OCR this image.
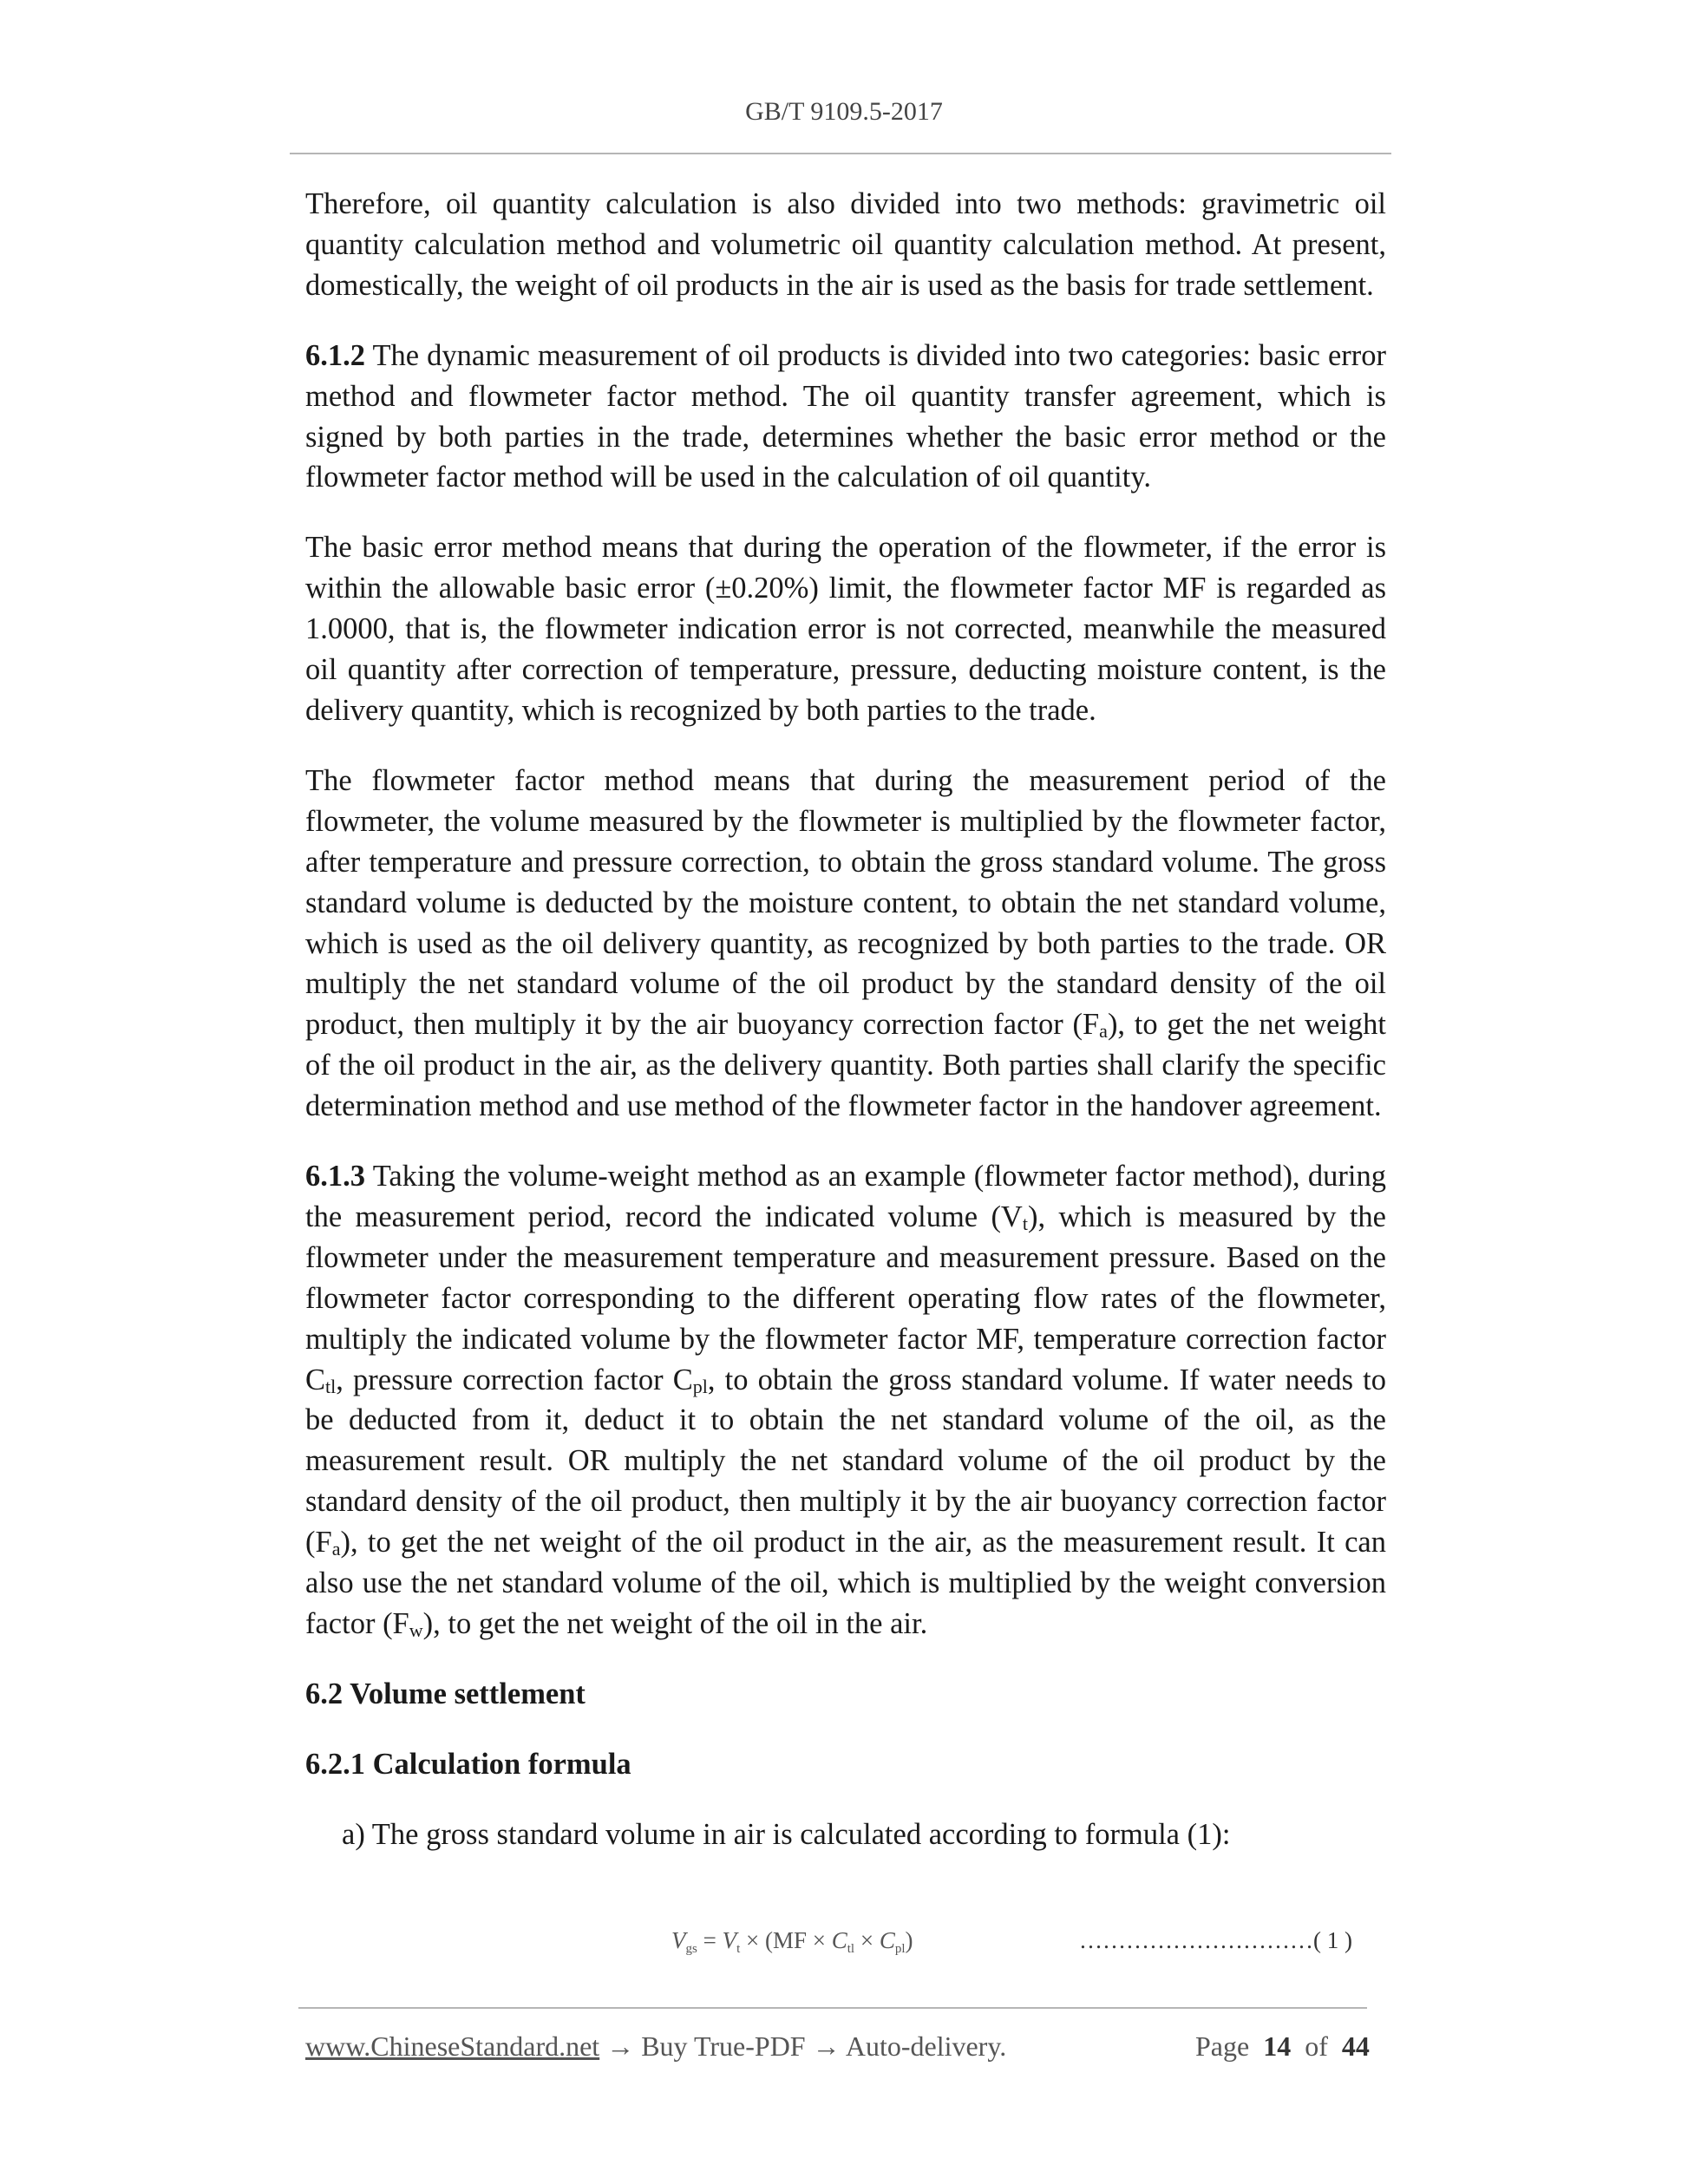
GB/T 9109.5-2017

Therefore, oil quantity calculation is also divided into two methods: gravimetric oil quantity calculation method and volumetric oil quantity calculation method. At present, domestically, the weight of oil products in the air is used as the basis for trade settlement.

6.1.2 The dynamic measurement of oil products is divided into two categories: basic error method and flowmeter factor method. The oil quantity transfer agreement, which is signed by both parties in the trade, determines whether the basic error method or the flowmeter factor method will be used in the calculation of oil quantity.

The basic error method means that during the operation of the flowmeter, if the error is within the allowable basic error (±0.20%) limit, the flowmeter factor MF is regarded as 1.0000, that is, the flowmeter indication error is not corrected, meanwhile the measured oil quantity after correction of temperature, pressure, deducting moisture content, is the delivery quantity, which is recognized by both parties to the trade.

The flowmeter factor method means that during the measurement period of the flowmeter, the volume measured by the flowmeter is multiplied by the flowmeter factor, after temperature and pressure correction, to obtain the gross standard volume. The gross standard volume is deducted by the moisture content, to obtain the net standard volume, which is used as the oil delivery quantity, as recognized by both parties to the trade. OR multiply the net standard volume of the oil product by the standard density of the oil product, then multiply it by the air buoyancy correction factor $(F_a)$, to get the net weight of the oil product in the air, as the delivery quantity. Both parties shall clarify the specific determination method and use method of the flowmeter factor in the handover agreement.

6.1.3 Taking the volume-weight method as an example (flowmeter factor method), during the measurement period, record the indicated volume $(V_t)$, which is measured by the flowmeter under the measurement temperature and measurement pressure. Based on the flowmeter factor corresponding to the different operating flow rates of the flowmeter, multiply the indicated volume by the flowmeter factor MF, temperature correction factor $C_{tl}$, pressure correction factor $C_{pl}$, to obtain the gross standard volume. If water needs to be deducted from it, deduct it to obtain the net standard volume of the oil, as the measurement result. OR multiply the net standard volume of the oil product by the standard density of the oil product, then multiply it by the air buoyancy correction factor $(F_a)$, to get the net weight of the oil product in the air, as the measurement result. It can also use the net standard volume of the oil, which is multiplied by the weight conversion factor $(F_w)$, to get the net weight of the oil in the air.

6.2 Volume settlement
6.2.1 Calculation formula

a) The gross standard volume in air is calculated according to formula (1):

$V_{gs} = V_t \times (MF \times C_{tl} \times C_{pl})$	…………………………( 1 )
www.ChineseStandard.net → Buy True-PDF → Auto-delivery.	Page 14 of 44
